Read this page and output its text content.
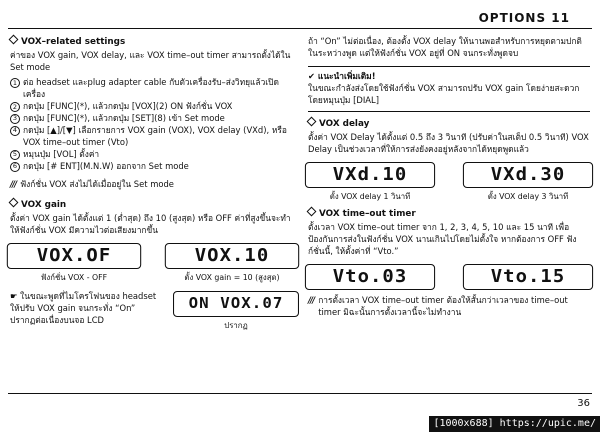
OPTIONS 11
VOX–related settings
ค่าของ VOX gain, VOX delay, และ VOX time–out timer สามารถตั้งได้ใน Set mode
1 ต่อ headset และplug adapter cable กับตัวเครื่องรับ–ส่งวิทยุแล้วเปิดเครื่อง
2 กดปุ่ม [FUNC](*), แล้วกดปุ่ม [VOX](2) ON ฟังก์ชั่น VOX
3 กดปุ่ม [FUNC](*), แล้วกดปุ่ม [SET](8) เข้า Set mode
4 กดปุ่ม [▲]/[▼] เลือกรายการ VOX gain (VOX), VOX delay (VXd), หรือ VOX time–out timer (Vto)
5 หมุนปุ่ม [VOL] ตั้งค่า
6 กดปุ่ม [# ENT](M.N.W) ออกจาก Set mode
/// ฟังก์ชั่น VOX ส่งไม่ได้เมื่ออยู่ใน Set mode
VOX gain
ตั้งค่า VOX gain ได้ตั้งแต่ 1 (ต่ำสุด) ถึง 10 (สูงสุด) หรือ OFF ค่าที่สูงขึ้นจะทำให้ฟังก์ชั่น VOX มีความไวต่อเสียงมากขึ้น
VOX.OF
ฟังก์ชั่น VOX - OFF
VOX.10
ตั้ง VOX gain = 10 (สูงสุด)
☛ ในขณะพูดที่ไมโครโฟนของ headset ให้ปรับ VOX gain จนกระทั่ง “On” ปรากฏต่อเนื่องบนจอ LCD
ON VOX.07
ปรากฏ
ถ้า “On” ไม่ต่อเนื่อง, ต้องตั้ง VOX delay ให้นานพอสำหรับการหยุดตามปกติในระหว่างพูด แต่ให้ฟังก์ชั่น VOX อยู่ที่ ON จนกระทั่งพูดจบ
✔ แนะนำเพิ่มเติม!
ในขณะกำลังส่งโดยใช้ฟังก์ชั่น VOX สามารถปรับ VOX gain โดยง่ายสะดวกโดยหมุนปุ่ม [DIAL]
VOX delay
ตั้งค่า VOX Delay ได้ตั้งแต่ 0.5 ถึง 3 วินาที (ปรับค่าในสเต็ป 0.5 วินาที) VOX Delay เป็นช่วงเวลาที่ให้การส่งยังคงอยู่หลังจากได้หยุดพูดแล้ว
VXd.10
ตั้ง VOX delay 1 วินาที
VXd.30
ตั้ง VOX delay 3 วินาที
VOX time–out timer
ตั้งเวลา VOX time–out timer จาก 1, 2, 3, 4, 5, 10 และ 15 นาที เพื่อป้องกันการส่งในฟังก์ชั่น VOX นานเกินไปโดยไม่ตั้งใจ หากต้องการ OFF ฟังก์ชั่นนี้, ให้ตั้งค่าที่ “Vto.”
Vto.03	Vto.15
/// การตั้งเวลา VOX time–out timer ต้องให้สั้นกว่าเวลาของ time–out timer มิฉะนั้นการตั้งเวลานี้จะไม่ทำงาน
36
[1000x688] https://upic.me/
